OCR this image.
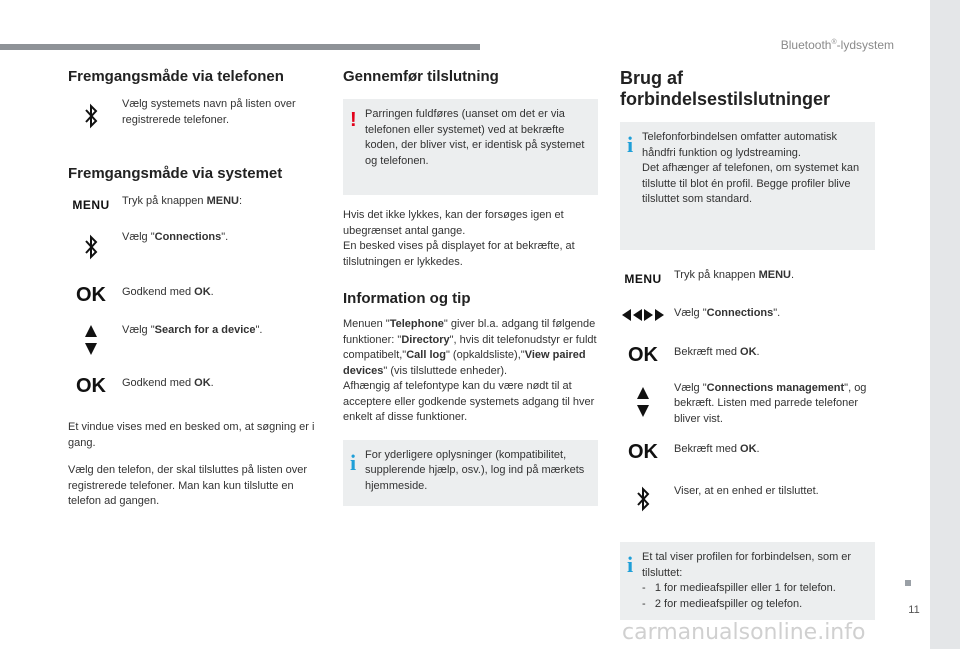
Bluetooth®-lydsystem
11
carmanualsonline.info
Fremgangsmåde via telefonen
Vælg systemets navn på listen over registrerede telefoner.
Fremgangsmåde via systemet
MENU	Tryk på knappen MENU:
Vælg "Connections".
OK	Godkend med OK.
Vælg "Search for a device".
OK	Godkend med OK.

Et vindue vises med en besked om, at søgning er i gang.

Vælg den telefon, der skal tilsluttes på listen over registrerede telefoner. Man kan kun tilslutte en telefon ad gangen.

Gennemfør tilslutning
! Parringen fuldføres (uanset om det er via telefonen eller systemet) ved at bekræfte koden, der bliver vist, er identisk på systemet og telefonen.

Hvis det ikke lykkes, kan der forsøges igen et ubegrænset antal gange.

En besked vises på displayet for at bekræfte, at tilslutningen er lykkedes.

Information og tip

Menuen "Telephone" giver bl.a. adgang til følgende funktioner: "Directory", hvis dit telefonudstyr er fuldt compatibelt,"Call log" (opkaldsliste),"View paired devices" (vis tilsluttede enheder).

Afhængig af telefontype kan du være nødt til at acceptere eller godkende systemets adgang til hver enkelt af disse funktioner.

i For yderligere oplysninger (kompatibilitet, supplerende hjælp, osv.), log ind på mærkets hjemmeside.

Brug af forbindelsestilslutninger
i Telefonforbindelsen omfatter automatisk håndfri funktion og lydstreaming.

Det afhænger af telefonen, om systemet kan tilslutte til blot én profil. Begge profiler blive tilsluttet som standard.

MENU	Tryk på knappen MENU.
Vælg "Connections".
OK	Bekræft med OK.
Vælg "Connections management", og bekræft. Listen med parrede telefoner bliver vist.
OK	Bekræft med OK.
Viser, at en enhed er tilsluttet.
i Et tal viser profilen for forbindelsen, som er tilsluttet:

-   1 for medieafspiller eller 1 for telefon.

-   2 for medieafspiller og telefon.
